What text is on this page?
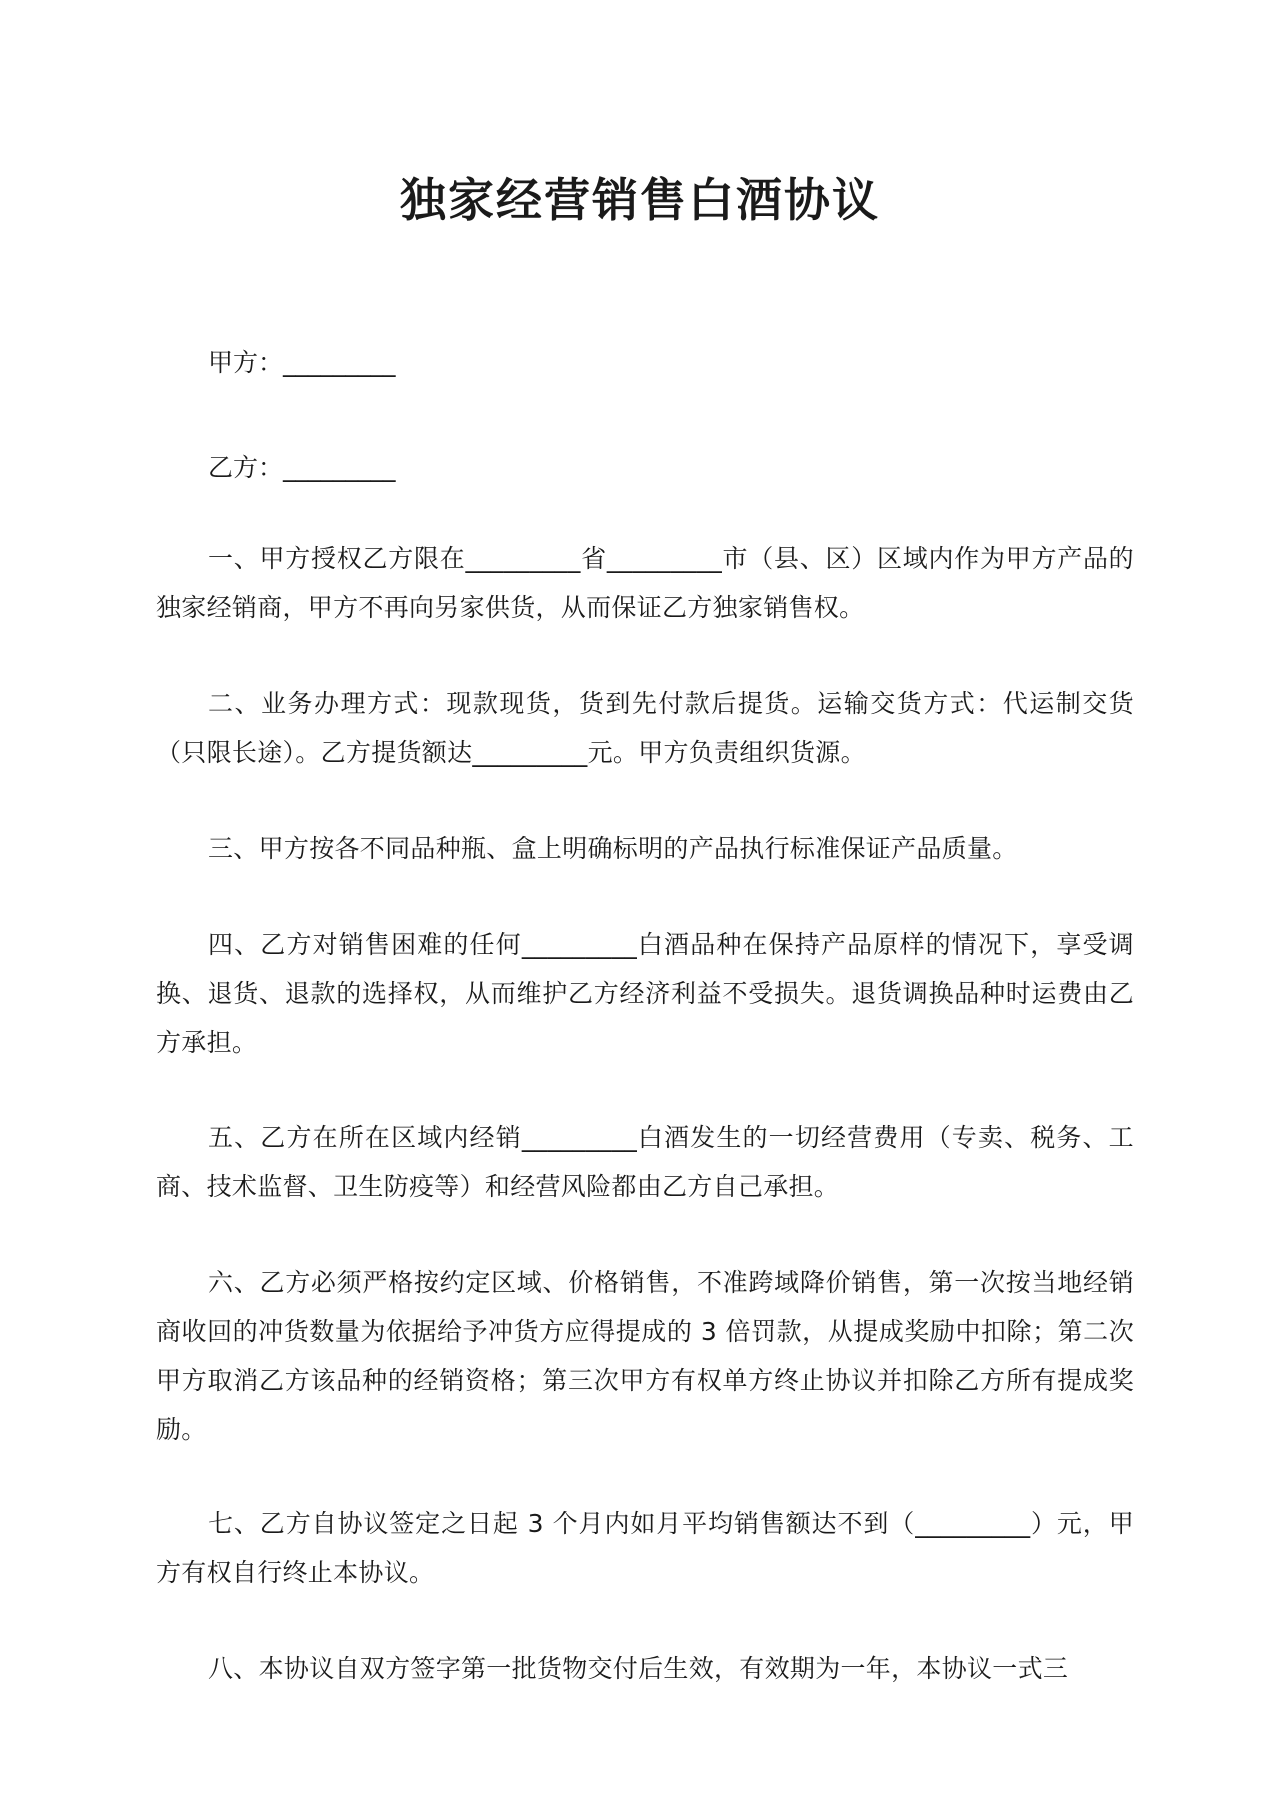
独家经营销售白酒协议

甲方：_________

乙方：_________

一、甲方授权乙方限在_________省_________市（县、区）区域内作为甲方产品的独家经销商，甲方不再向另家供货，从而保证乙方独家销售权。

二、业务办理方式：现款现货，货到先付款后提货。运输交货方式：代运制交货（只限长途）。乙方提货额达_________元。甲方负责组织货源。

三、甲方按各不同品种瓶、盒上明确标明的产品执行标准保证产品质量。

四、乙方对销售困难的任何_________白酒品种在保持产品原样的情况下，享受调换、退货、退款的选择权，从而维护乙方经济利益不受损失。退货调换品种时运费由乙方承担。

五、乙方在所在区域内经销_________白酒发生的一切经营费用（专卖、税务、工商、技术监督、卫生防疫等）和经营风险都由乙方自己承担。

六、乙方必须严格按约定区域、价格销售，不准跨域降价销售，第一次按当地经销商收回的冲货数量为依据给予冲货方应得提成的 3 倍罚款，从提成奖励中扣除；第二次甲方取消乙方该品种的经销资格；第三次甲方有权单方终止协议并扣除乙方所有提成奖励。

七、乙方自协议签定之日起 3 个月内如月平均销售额达不到（_________）元，甲方有权自行终止本协议。

八、本协议自双方签字第一批货物交付后生效，有效期为一年，本协议一式三
